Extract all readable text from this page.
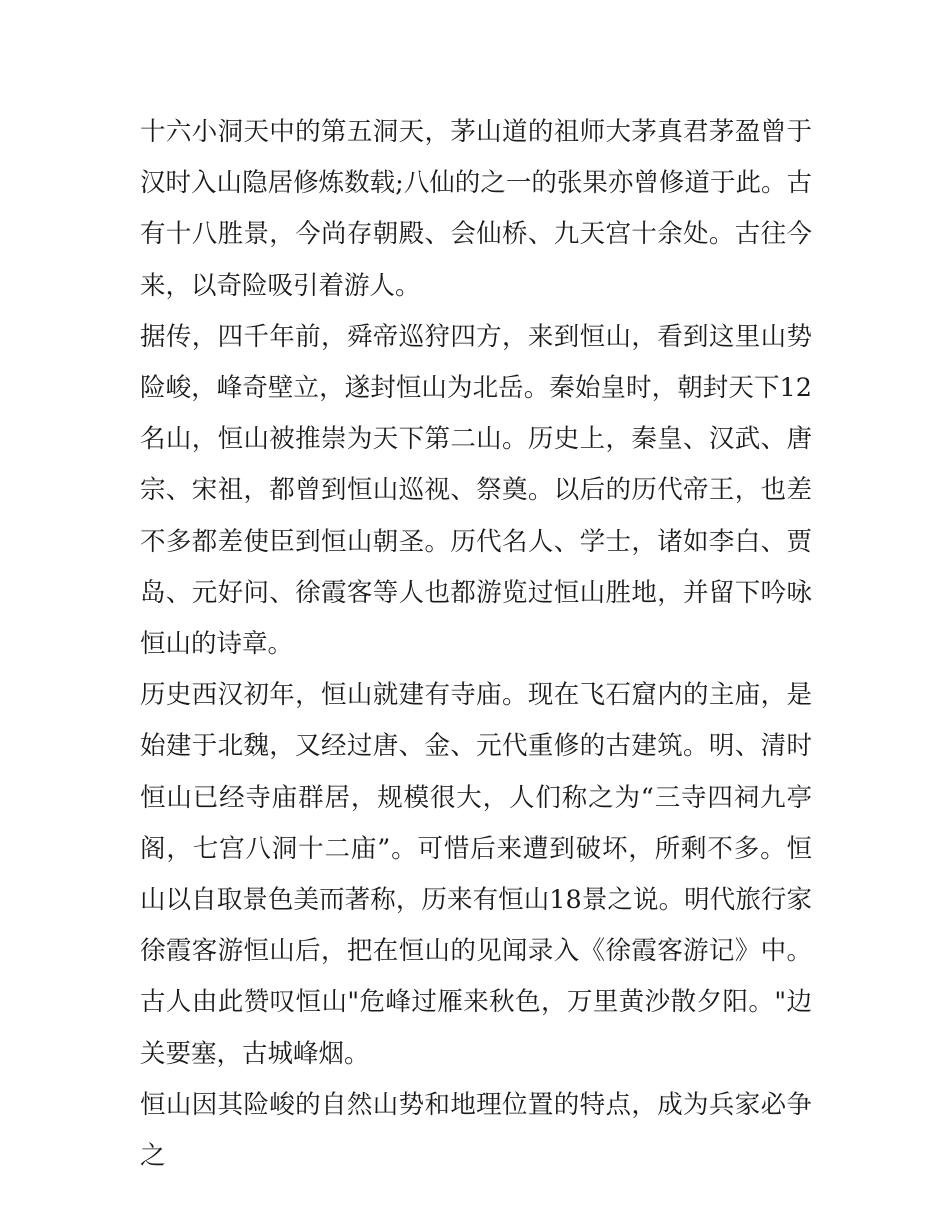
十六小洞天中的第五洞天，茅山道的祖师大茅真君茅盈曾于汉时入山隐居修炼数载;八仙的之一的张果亦曾修道于此。古有十八胜景，今尚存朝殿、会仙桥、九天宫十余处。古往今来，以奇险吸引着游人。

据传，四千年前，舜帝巡狩四方，来到恒山，看到这里山势险峻，峰奇壁立，遂封恒山为北岳。秦始皇时，朝封天下12名山，恒山被推崇为天下第二山。历史上，秦皇、汉武、唐宗、宋祖，都曾到恒山巡视、祭奠。以后的历代帝王，也差不多都差使臣到恒山朝圣。历代名人、学士，诸如李白、贾岛、元好问、徐霞客等人也都游览过恒山胜地，并留下吟咏恒山的诗章。

历史西汉初年，恒山就建有寺庙。现在飞石窟内的主庙，是始建于北魏，又经过唐、金、元代重修的古建筑。明、清时恒山已经寺庙群居，规模很大，人们称之为“三寺四祠九亭阁，七宫八洞十二庙”。可惜后来遭到破坏，所剩不多。恒山以自取景色美而著称，历来有恒山18景之说。明代旅行家徐霞客游恒山后，把在恒山的见闻录入《徐霞客游记》中。古人由此赞叹恒山"危峰过雁来秋色，万里黄沙散夕阳。"边关要塞，古城峰烟。

恒山因其险峻的自然山势和地理位置的特点，成为兵家必争之
